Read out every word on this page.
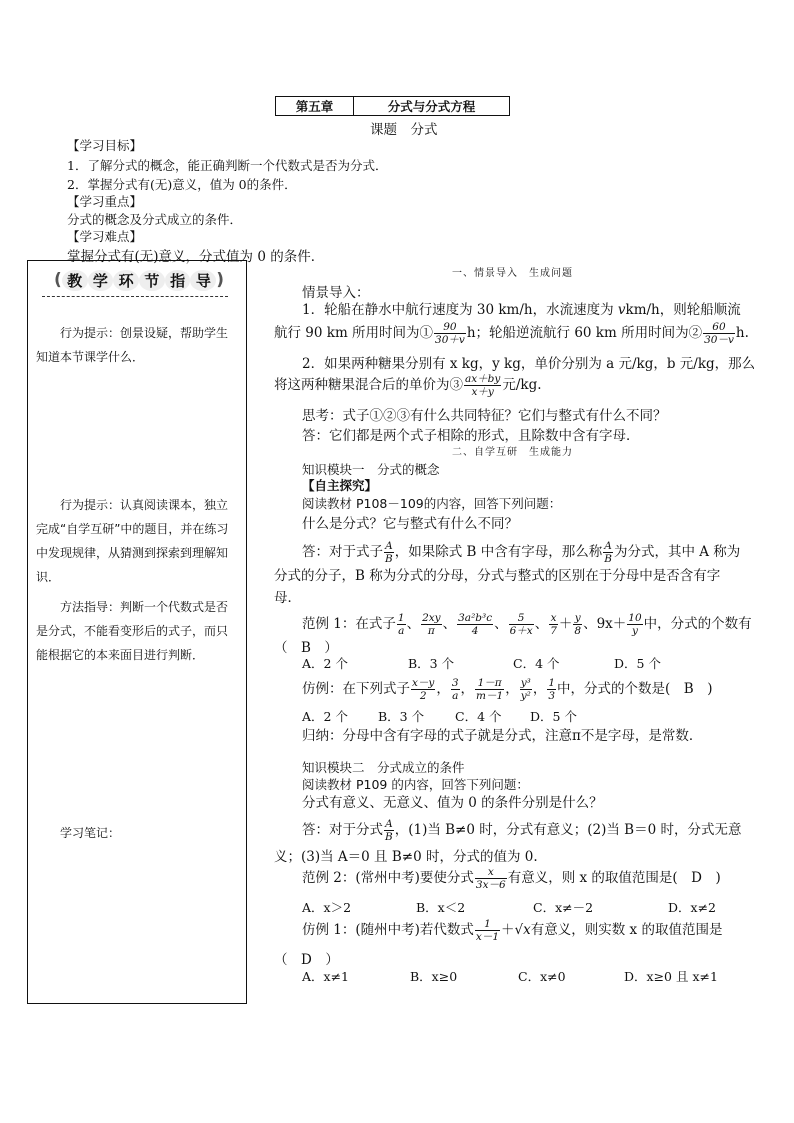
第五章	分式与分式方程
课题　分式
【学习目标】
1．了解分式的概念，能正确判断一个代数式是否为分式．
2．掌握分式有(无)意义，值为 0的条件．
【学习重点】
分式的概念及分式成立的条件．
【学习难点】
掌握分式有(无)意义，分式值为 0 的条件．
( 教 学 环 节 指 导 )
行为提示：创景设疑，帮助学生知道本节课学什么．
行为提示：认真阅读课本，独立完成“自学互研”中的题目，并在练习中发现规律，从猜测到探索到理解知识．
方法指导：判断一个代数式是否是分式，不能看变形后的式子，而只能根据它的本来面目进行判断．
学习笔记：
一、情景导入　生成问题
情景导入：
1．轮船在静水中航行速度为 30 km/h，水流速度为 vkm/h，则轮船顺流
航行 90 km 所用时间为① $\frac{90}{30+v}$ h；轮船逆流航行 60 km 所用时间为② $\frac{60}{30-v} h$.
2．如果两种糖果分别有 x kg，y kg，单价分别为 a 元/kg，b 元/kg，那么
将这两种糖果混合后的单价为③ $\frac{ax+by}{x+y}$ 元/kg.
思考：式子①②③有什么共同特征？它们与整式有什么不同？
答：它们都是两个式子相除的形式，且除数中含有字母．
二、自学互研　生成能力
知识模块一　分式的概念
【自主探究】
阅读教材 P108－109的内容，回答下列问题：
什么是分式？它与整式有什么不同？
答：对于式子 $\frac{A}{B}$ ，如果除式 B 中含有字母，那么称 $\frac{A}{B}$ 为分式，其中 A 称为
分式的分子，B 称为分式的分母，分式与整式的区别在于分母中是否含有字
母．
范例 1：在式子 $\frac{1}{a}$ 、 $\frac{2xy}{\pi}$ 、 $\frac{\text{3a²b³c}}{4}$ 、 $\frac{5}{6+x}$ 、 $\frac{x}{7} + \frac{y}{8}$ 、$9x+ \frac{10}{y}$ 中，分式的个数有
（　B　）
A．2 个	B．3 个	C．4 个	D．5 个
仿例：在下列式子 $\frac{x-y}{2}$ ， $\frac{3}{a}$ ， $\frac{1-\pi}{m-1}$ ， $\frac{\text{y³}}{\text{y²}}$ ， $\frac{1}{3}$ 中，分式的个数是(　B　)
A．2 个 B．3 个 C．4 个 D．5 个
归纳：分母中含有字母的式子就是分式，注意π不是字母，是常数．
知识模块二　分式成立的条件
阅读教材 P109 的内容，回答下列问题：
分式有意义、无意义、值为 0 的条件分别是什么？
答：对于分式 $\frac{A}{B}$ ，(1)当 B≠0 时，分式有意义；(2)当 B＝0 时，分式无意
义；(3)当 A＝0 且 B≠0 时，分式的值为 0.
范例 2：(常州中考)要使分式 $\frac{x}{3x-6}$ 有意义，则 x 的取值范围是(　D　)
A．x＞2	B．x＜2	C．x≠－2	D．x≠2
仿例 1：(随州中考)若代数式 $\frac{1}{x-1} +√x$有意义，则实数 x 的取值范围是
（　D　）
A．x≠1	B．x≥0	C．x≠0	D．x≥0 且 x≠1
